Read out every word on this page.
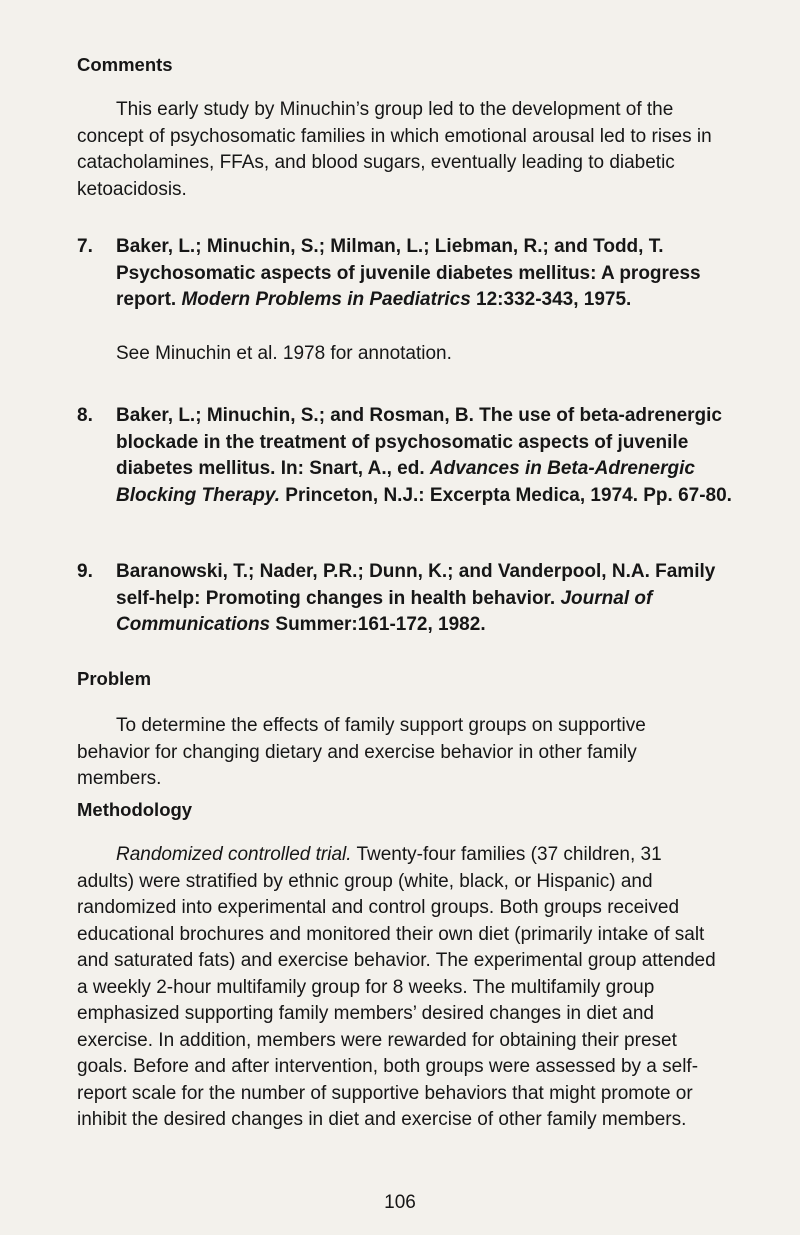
Comments

This early study by Minuchin’s group led to the development of the concept of psychosomatic families in which emotional arousal led to rises in catacholamines, FFAs, and blood sugars, eventually leading to diabetic ketoacidosis.

7. Baker, L.; Minuchin, S.; Milman, L.; Liebman, R.; and Todd, T. Psychosomatic aspects of juvenile diabetes mellitus: A progress report. Modern Problems in Paediatrics 12:332-343, 1975.

See Minuchin et al. 1978 for annotation.

8. Baker, L.; Minuchin, S.; and Rosman, B. The use of beta-adrenergic blockade in the treatment of psychosomatic aspects of juvenile diabetes mellitus. In: Snart, A., ed. Advances in Beta-Adrenergic Blocking Therapy. Princeton, N.J.: Excerpta Medica, 1974. Pp. 67-80.

9. Baranowski, T.; Nader, P.R.; Dunn, K.; and Vanderpool, N.A. Family self-help: Promoting changes in health behavior. Journal of Communications Summer:161-172, 1982.

Problem

To determine the effects of family support groups on supportive behavior for changing dietary and exercise behavior in other family members.

Methodology

Randomized controlled trial. Twenty-four families (37 children, 31 adults) were stratified by ethnic group (white, black, or Hispanic) and randomized into experimental and control groups. Both groups received educational brochures and monitored their own diet (primarily intake of salt and saturated fats) and exercise behavior. The experimental group attended a weekly 2-hour multifamily group for 8 weeks. The multifamily group emphasized supporting family members’ desired changes in diet and exercise. In addition, members were rewarded for obtaining their preset goals. Before and after intervention, both groups were assessed by a self-report scale for the number of supportive behaviors that might promote or inhibit the desired changes in diet and exercise of other family members.

106
